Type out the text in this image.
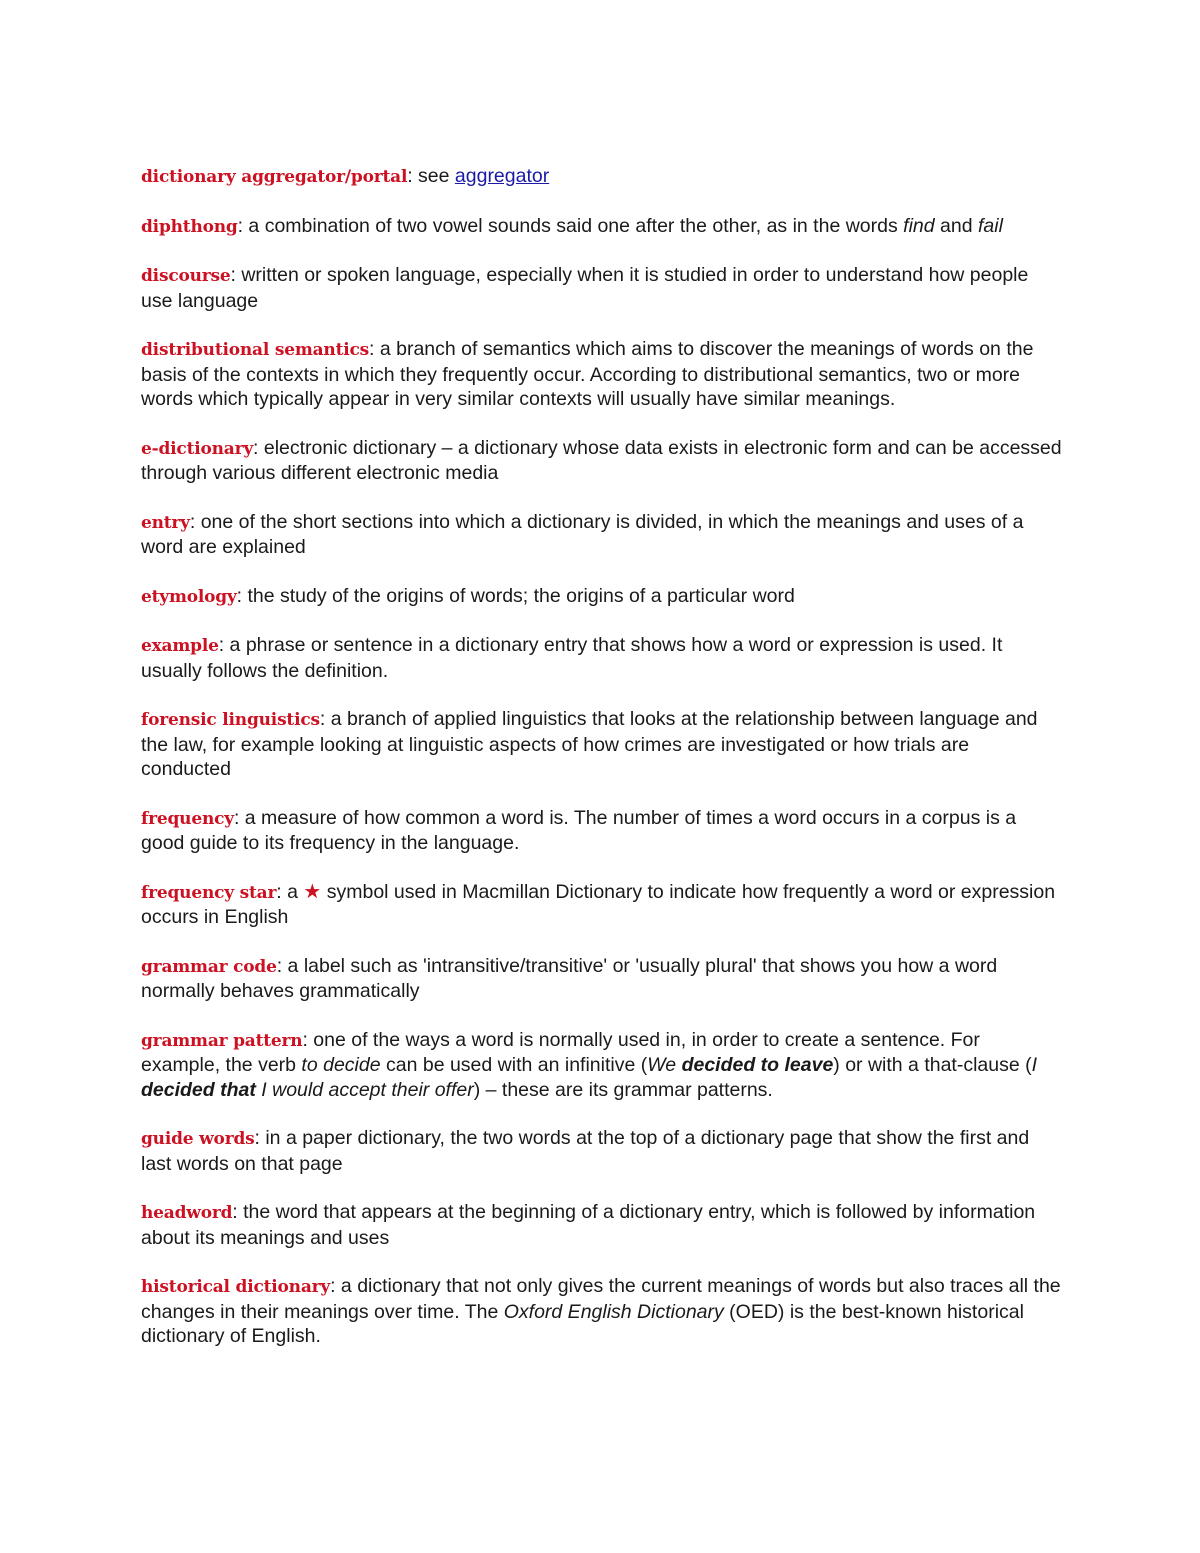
dictionary aggregator/portal: see aggregator

diphthong: a combination of two vowel sounds said one after the other, as in the words find and fail

discourse: written or spoken language, especially when it is studied in order to understand how people use language

distributional semantics: a branch of semantics which aims to discover the meanings of words on the basis of the contexts in which they frequently occur. According to distributional semantics, two or more words which typically appear in very similar contexts will usually have similar meanings.

e-dictionary: electronic dictionary – a dictionary whose data exists in electronic form and can be accessed through various different electronic media

entry: one of the short sections into which a dictionary is divided, in which the meanings and uses of a word are explained

etymology: the study of the origins of words; the origins of a particular word

example: a phrase or sentence in a dictionary entry that shows how a word or expression is used. It usually follows the definition.

forensic linguistics: a branch of applied linguistics that looks at the relationship between language and the law, for example looking at linguistic aspects of how crimes are investigated or how trials are conducted

frequency: a measure of how common a word is. The number of times a word occurs in a corpus is a good guide to its frequency in the language.

frequency star: a ★ symbol used in Macmillan Dictionary to indicate how frequently a word or expression occurs in English

grammar code: a label such as 'intransitive/transitive' or 'usually plural' that shows you how a word normally behaves grammatically

grammar pattern: one of the ways a word is normally used in, in order to create a sentence. For example, the verb to decide can be used with an infinitive (We decided to leave) or with a that-clause (I decided that I would accept their offer) – these are its grammar patterns.

guide words: in a paper dictionary, the two words at the top of a dictionary page that show the first and last words on that page

headword: the word that appears at the beginning of a dictionary entry, which is followed by information about its meanings and uses

historical dictionary: a dictionary that not only gives the current meanings of words but also traces all the changes in their meanings over time. The Oxford English Dictionary (OED) is the best-known historical dictionary of English.
